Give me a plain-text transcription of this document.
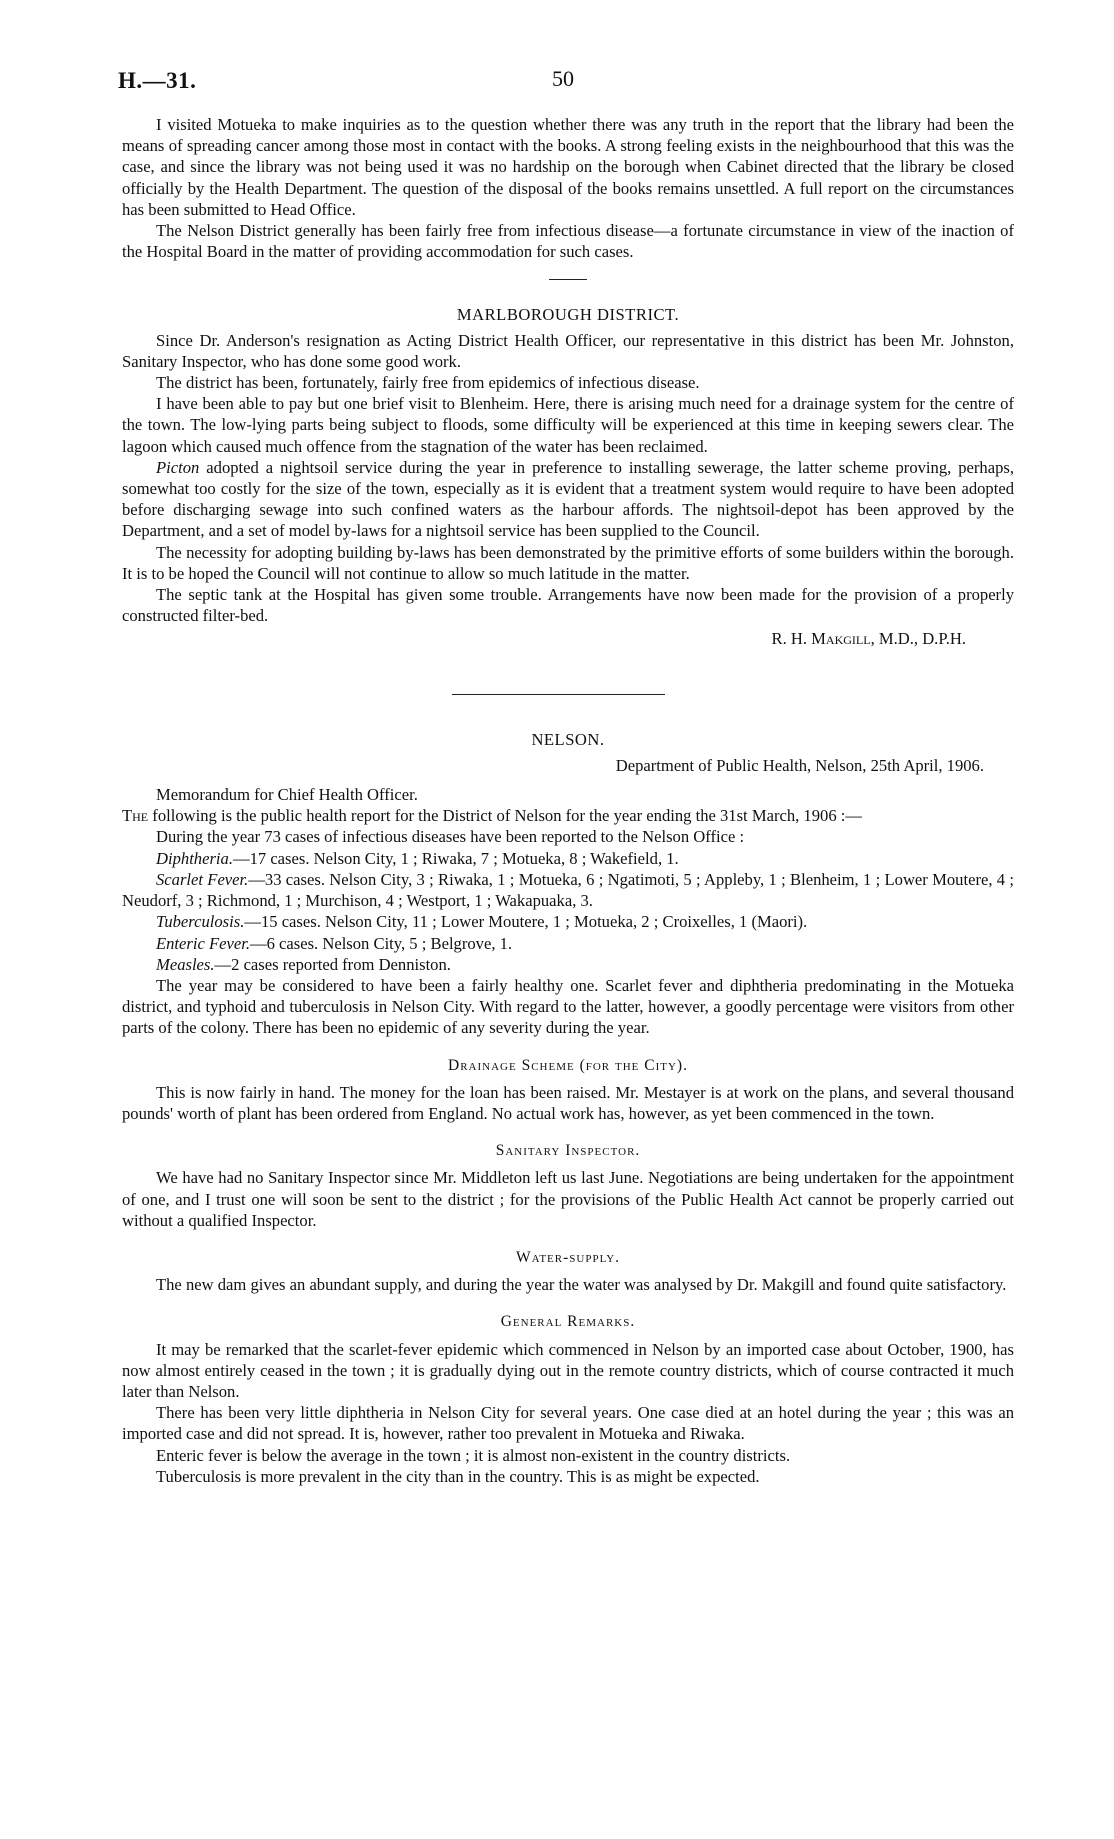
H.—31.	50

I visited Motueka to make inquiries as to the question whether there was any truth in the report that the library had been the means of spreading cancer among those most in contact with the books. A strong feeling exists in the neighbourhood that this was the case, and since the library was not being used it was no hardship on the borough when Cabinet directed that the library be closed officially by the Health Department. The question of the disposal of the books remains unsettled. A full report on the circumstances has been submitted to Head Office.

The Nelson District generally has been fairly free from infectious disease—a fortunate circumstance in view of the inaction of the Hospital Board in the matter of providing accommodation for such cases.

MARLBOROUGH DISTRICT.

Since Dr. Anderson's resignation as Acting District Health Officer, our representative in this district has been Mr. Johnston, Sanitary Inspector, who has done some good work.

The district has been, fortunately, fairly free from epidemics of infectious disease.

I have been able to pay but one brief visit to Blenheim. Here, there is arising much need for a drainage system for the centre of the town. The low-lying parts being subject to floods, some difficulty will be experienced at this time in keeping sewers clear. The lagoon which caused much offence from the stagnation of the water has been reclaimed.

Picton adopted a nightsoil service during the year in preference to installing sewerage, the latter scheme proving, perhaps, somewhat too costly for the size of the town, especially as it is evident that a treatment system would require to have been adopted before discharging sewage into such confined waters as the harbour affords. The nightsoil-depot has been approved by the Department, and a set of model by-laws for a nightsoil service has been supplied to the Council.

The necessity for adopting building by-laws has been demonstrated by the primitive efforts of some builders within the borough. It is to be hoped the Council will not continue to allow so much latitude in the matter.

The septic tank at the Hospital has given some trouble. Arrangements have now been made for the provision of a properly constructed filter-bed.

R. H. Makgill, M.D., D.P.H.
NELSON.
Department of Public Health, Nelson, 25th April, 1906.

Memorandum for Chief Health Officer.

The following is the public health report for the District of Nelson for the year ending the 31st March, 1906 :—

During the year 73 cases of infectious diseases have been reported to the Nelson Office :

Diphtheria.—17 cases. Nelson City, 1 ; Riwaka, 7 ; Motueka, 8 ; Wakefield, 1.

Scarlet Fever.—33 cases. Nelson City, 3 ; Riwaka, 1 ; Motueka, 6 ; Ngatimoti, 5 ; Appleby, 1 ; Blenheim, 1 ; Lower Moutere, 4 ; Neudorf, 3 ; Richmond, 1 ; Murchison, 4 ; Westport, 1 ; Wakapuaka, 3.

Tuberculosis.—15 cases. Nelson City, 11 ; Lower Moutere, 1 ; Motueka, 2 ; Croixelles, 1 (Maori).

Enteric Fever.—6 cases. Nelson City, 5 ; Belgrove, 1.

Measles.—2 cases reported from Denniston.

The year may be considered to have been a fairly healthy one. Scarlet fever and diphtheria predominating in the Motueka district, and typhoid and tuberculosis in Nelson City. With regard to the latter, however, a goodly percentage were visitors from other parts of the colony. There has been no epidemic of any severity during the year.

Drainage Scheme (for the City).

This is now fairly in hand. The money for the loan has been raised. Mr. Mestayer is at work on the plans, and several thousand pounds' worth of plant has been ordered from England. No actual work has, however, as yet been commenced in the town.

Sanitary Inspector.

We have had no Sanitary Inspector since Mr. Middleton left us last June. Negotiations are being undertaken for the appointment of one, and I trust one will soon be sent to the district ; for the provisions of the Public Health Act cannot be properly carried out without a qualified Inspector.

Water-supply.

The new dam gives an abundant supply, and during the year the water was analysed by Dr. Makgill and found quite satisfactory.

General Remarks.

It may be remarked that the scarlet-fever epidemic which commenced in Nelson by an imported case about October, 1900, has now almost entirely ceased in the town ; it is gradually dying out in the remote country districts, which of course contracted it much later than Nelson.

There has been very little diphtheria in Nelson City for several years. One case died at an hotel during the year ; this was an imported case and did not spread. It is, however, rather too prevalent in Motueka and Riwaka.

Enteric fever is below the average in the town ; it is almost non-existent in the country districts.

Tuberculosis is more prevalent in the city than in the country. This is as might be expected.
